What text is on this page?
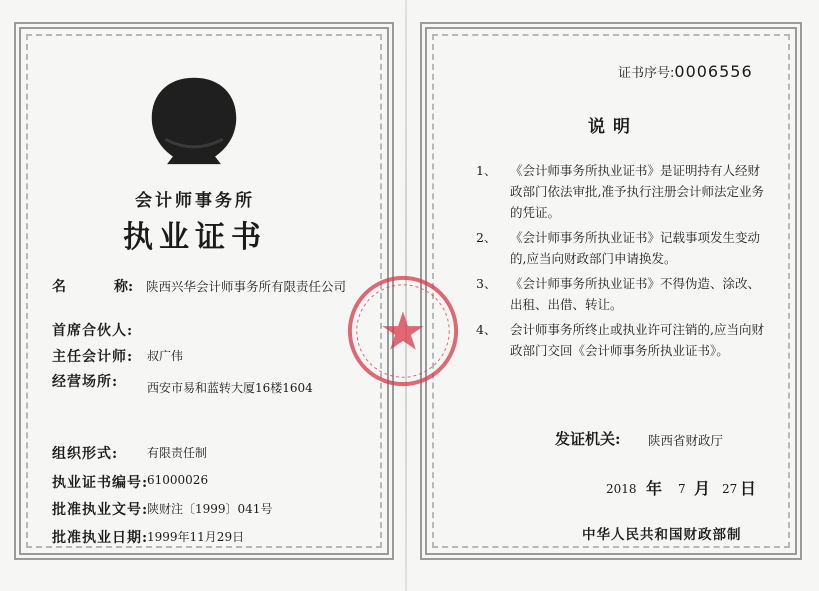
会计师事务所
执业证书
名	称: 陕西兴华会计师事务所有限责任公司
首席合伙人:
主任会计师: 叔广伟
经营场所: 西安市易和蓝转大厦16楼1604
组织形式: 有限责任制
执业证书编号:
61000026
批准执业文号:
陕财注〔1999〕041号
批准执业日期:
1999年11月29日
证书序号:0006556
说明
1、 《会计师事务所执业证书》是证明持有人经财政部门依法审批,准予执行注册会计师法定业务的凭证。
2、 《会计师事务所执业证书》记载事项发生变动的,应当向财政部门申请换发。
3、 《会计师事务所执业证书》不得伪造、涂改、出租、出借、转让。
4、 会计师事务所终止或执业许可注销的,应当向财政部门交回《会计师事务所执业证书》。
发证机关: 陕西省财政厅
2018 年 7 月 27 日
中华人民共和国财政部制
